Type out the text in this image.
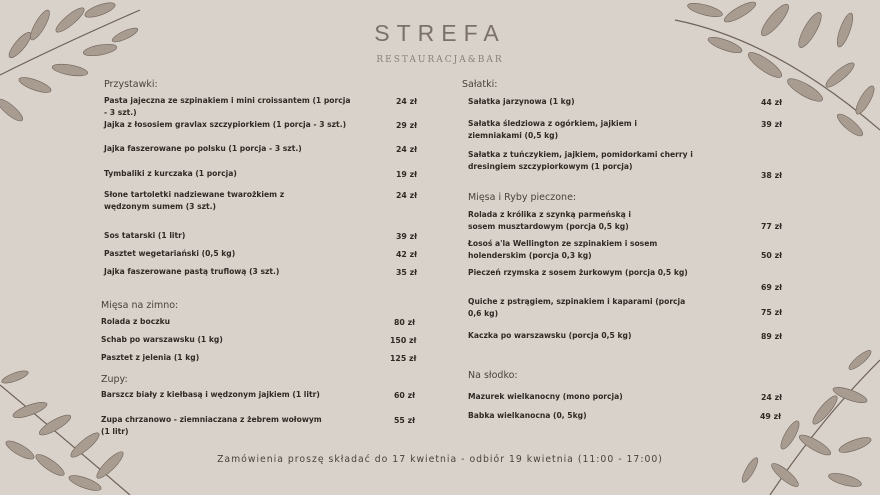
STREFA
RESTAURACJA&BAR
Przystawki:
Pasta jajeczna ze szpinakiem i mini croissantem (1 porcja - 3 szt.)
24 zł
Jajka z łososiem gravlax szczypiorkiem (1 porcja - 3 szt.)	29 zł
Jajka faszerowane po polsku (1 porcja - 3 szt.)	24 zł
Tymbaliki z kurczaka (1 porcja)	19 zł
Słone tartoletki nadziewane twarożkiem z wędzonym sumem (3 szt.)
24 zł
Sos tatarski (1 litr)	39 zł
Pasztet wegetariański (0,5 kg)	42 zł
Jajka faszerowane pastą truflową (3 szt.)	35 zł
Mięsa na zimno:
Rolada z boczku	80 zł
Schab po warszawsku (1 kg)	150 zł
Pasztet z jelenia (1 kg)	125 zł
Zupy:
Barszcz biały z kiełbasą i wędzonym jajkiem (1 litr)	60 zł
Zupa chrzanowo - ziemniaczana z żebrem wołowym (1 litr)
55 zł
Sałatki:
Sałatka jarzynowa (1 kg)	44 zł
Sałatka śledziowa z ogórkiem, jajkiem i ziemniakami (0,5 kg)
39 zł
Sałatka z tuńczykiem, jajkiem, pomidorkami cherry i dresingiem szczypiorkowym (1 porcja)
38 zł
Mięsa i Ryby pieczone:
Rolada z królika z szynką parmeńską i sosem musztardowym (porcja 0,5 kg)	77 zł
Łosoś a'la Wellington ze szpinakiem i sosem holenderskim (porcja 0,3 kg)	50 zł
Pieczeń rzymska z sosem żurkowym (porcja 0,5 kg)
69 zł
Quiche z pstrągiem, szpinakiem i kaparami (porcja 0,6 kg)	75 zł
Kaczka po warszawsku (porcja 0,5 kg)	89 zł
Na słodko:
Mazurek wielkanocny (mono porcja)	24 zł
Babka wielkanocna (0, 5kg)	49 zł
Zamówienia proszę składać do 17 kwietnia - odbiór 19 kwietnia (11:00 - 17:00)
